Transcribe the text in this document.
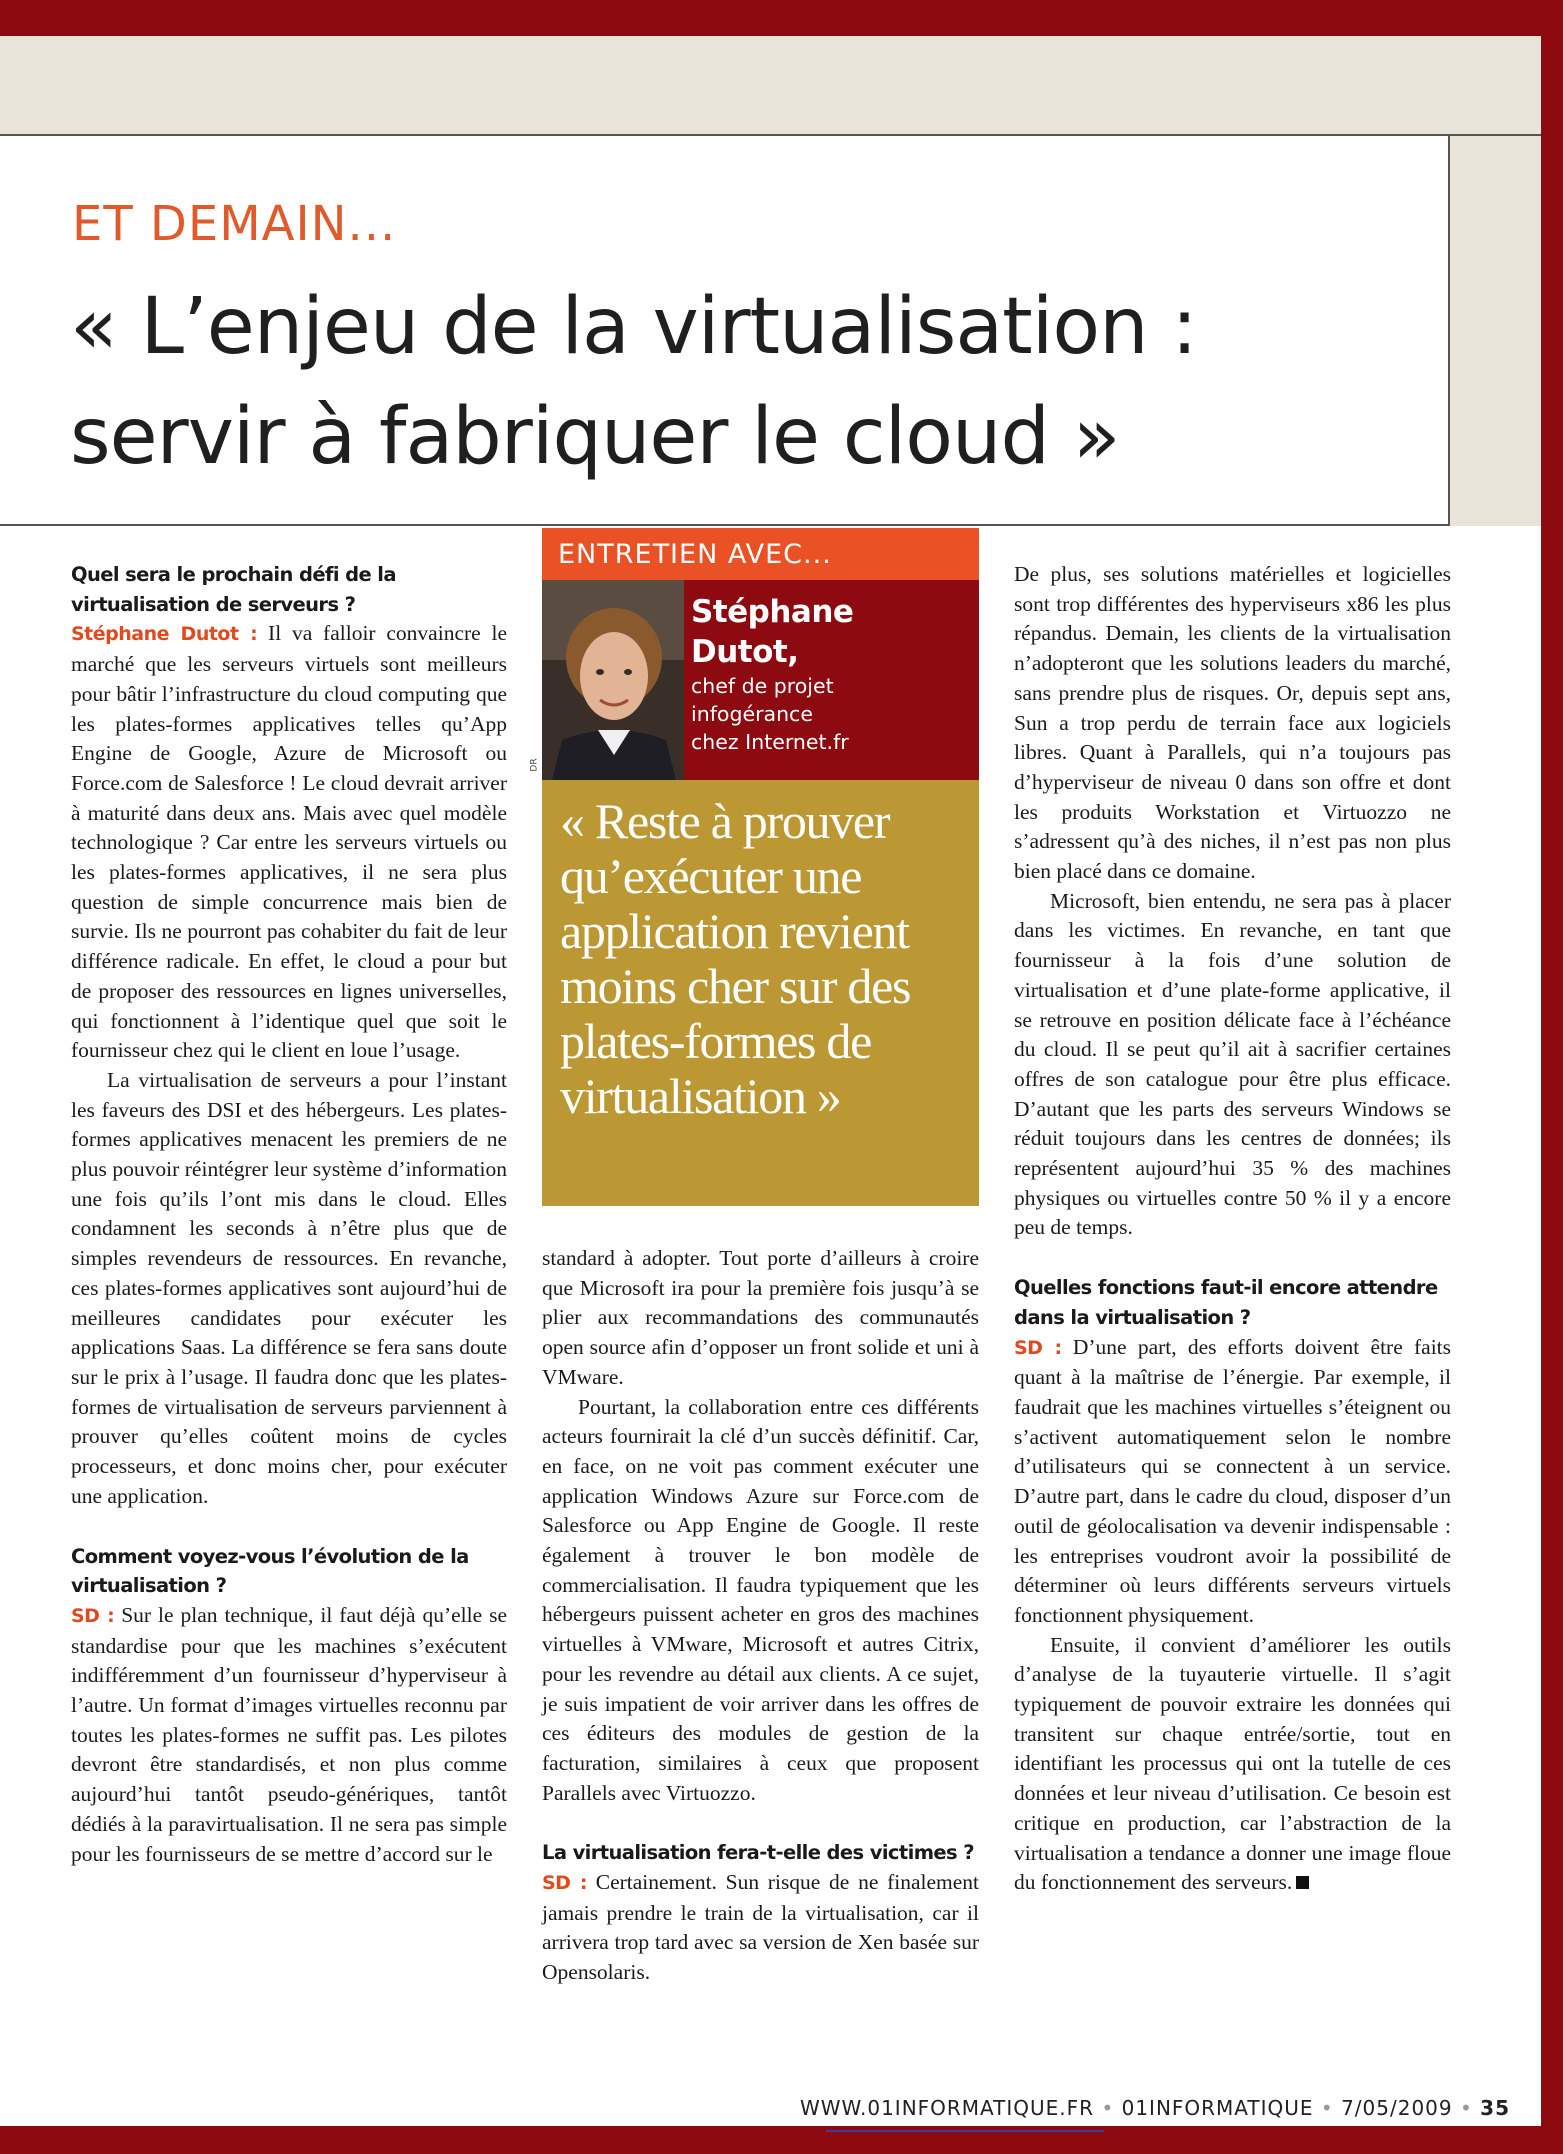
ET DEMAIN...
« L’enjeu de la virtualisation :
servir à fabriquer le cloud »

Quel sera le prochain défi de la virtualisation de serveurs ?

Stéphane Dutot : Il va falloir convaincre le marché que les serveurs virtuels sont meilleurs pour bâtir l’infrastructure du cloud computing que les plates-formes applicatives telles qu’App Engine de Google, Azure de Microsoft ou Force.com de Salesforce ! Le cloud devrait arriver à maturité dans deux ans. Mais avec quel modèle technologique ? Car entre les serveurs virtuels ou les plates-formes applicatives, il ne sera plus question de simple concurrence mais bien de survie. Ils ne pourront pas cohabiter du fait de leur différence radicale. En effet, le cloud a pour but de proposer des ressources en lignes universelles, qui fonctionnent à l’identique quel que soit le fournisseur chez qui le client en loue l’usage.

La virtualisation de serveurs a pour l’instant les faveurs des DSI et des hébergeurs. Les plates-formes applicatives menacent les premiers de ne plus pouvoir réintégrer leur système d’information une fois qu’ils l’ont mis dans le cloud. Elles condamnent les seconds à n’être plus que de simples revendeurs de ressources. En revanche, ces plates-formes applicatives sont aujourd’hui de meilleures candidates pour exécuter les applications Saas. La différence se fera sans doute sur le prix à l’usage. Il faudra donc que les plates-formes de virtualisation de serveurs parviennent à prouver qu’elles coûtent moins de cycles processeurs, et donc moins cher, pour exécuter une application.

Comment voyez-vous l’évolution de la virtualisation ?

SD : Sur le plan technique, il faut déjà qu’elle se standardise pour que les machines s’exécutent indifféremment d’un fournisseur d’hyperviseur à l’autre. Un format d’images virtuelles reconnu par toutes les plates-formes ne suffit pas. Les pilotes devront être standardisés, et non plus comme aujourd’hui tantôt pseudo-génériques, tantôt dédiés à la paravirtualisation. Il ne sera pas simple pour les fournisseurs de se mettre d’accord sur le

ENTRETIEN AVEC...
DR
Stéphane Dutot,
chef de projet
infogérance
chez Internet.fr
« Reste à prouver qu’exécuter une application revient moins cher sur des plates-formes de virtualisation »

standard à adopter. Tout porte d’ailleurs à croire que Microsoft ira pour la première fois jusqu’à se plier aux recommandations des communautés open source afin d’opposer un front solide et uni à VMware.

Pourtant, la collaboration entre ces différents acteurs fournirait la clé d’un succès définitif. Car, en face, on ne voit pas comment exécuter une application Windows Azure sur Force.com de Salesforce ou App Engine de Google. Il reste également à trouver le bon modèle de commercialisation. Il faudra typiquement que les hébergeurs puissent acheter en gros des machines virtuelles à VMware, Microsoft et autres Citrix, pour les revendre au détail aux clients. A ce sujet, je suis impatient de voir arriver dans les offres de ces éditeurs des modules de gestion de la facturation, similaires à ceux que proposent Parallels avec Virtuozzo.

La virtualisation fera-t-elle des victimes ?

SD : Certainement. Sun risque de ne finalement jamais prendre le train de la virtualisation, car il arrivera trop tard avec sa version de Xen basée sur Opensolaris.

De plus, ses solutions matérielles et logicielles sont trop différentes des hyperviseurs x86 les plus répandus. Demain, les clients de la virtualisation n’adopteront que les solutions leaders du marché, sans prendre plus de risques. Or, depuis sept ans, Sun a trop perdu de terrain face aux logiciels libres. Quant à Parallels, qui n’a toujours pas d’hyperviseur de niveau 0 dans son offre et dont les produits Workstation et Virtuozzo ne s’adressent qu’à des niches, il n’est pas non plus bien placé dans ce domaine.

Microsoft, bien entendu, ne sera pas à placer dans les victimes. En revanche, en tant que fournisseur à la fois d’une solution de virtualisation et d’une plate-forme applicative, il se retrouve en position délicate face à l’échéance du cloud. Il se peut qu’il ait à sacrifier certaines offres de son catalogue pour être plus efficace. D’autant que les parts des serveurs Windows se réduit toujours dans les centres de données; ils représentent aujourd’hui 35 % des machines physiques ou virtuelles contre 50 % il y a encore peu de temps.

Quelles fonctions faut-il encore attendre dans la virtualisation ?

SD : D’une part, des efforts doivent être faits quant à la maîtrise de l’énergie. Par exemple, il faudrait que les machines virtuelles s’éteignent ou s’activent automatiquement selon le nombre d’utilisateurs qui se connectent à un service. D’autre part, dans le cadre du cloud, disposer d’un outil de géolocalisation va devenir indispensable : les entreprises voudront avoir la possibilité de déterminer où leurs différents serveurs virtuels fonctionnent physiquement.

Ensuite, il convient d’améliorer les outils d’analyse de la tuyauterie virtuelle. Il s’agit typiquement de pouvoir extraire les données qui transitent sur chaque entrée/sortie, tout en identifiant les processus qui ont la tutelle de ces données et leur niveau d’utilisation. Ce besoin est critique en production, car l’abstraction de la virtualisation a tendance a donner une image floue du fonctionnement des serveurs.

WWW.01INFORMATIQUE.FR • 01INFORMATIQUE • 7/05/2009 • 35
